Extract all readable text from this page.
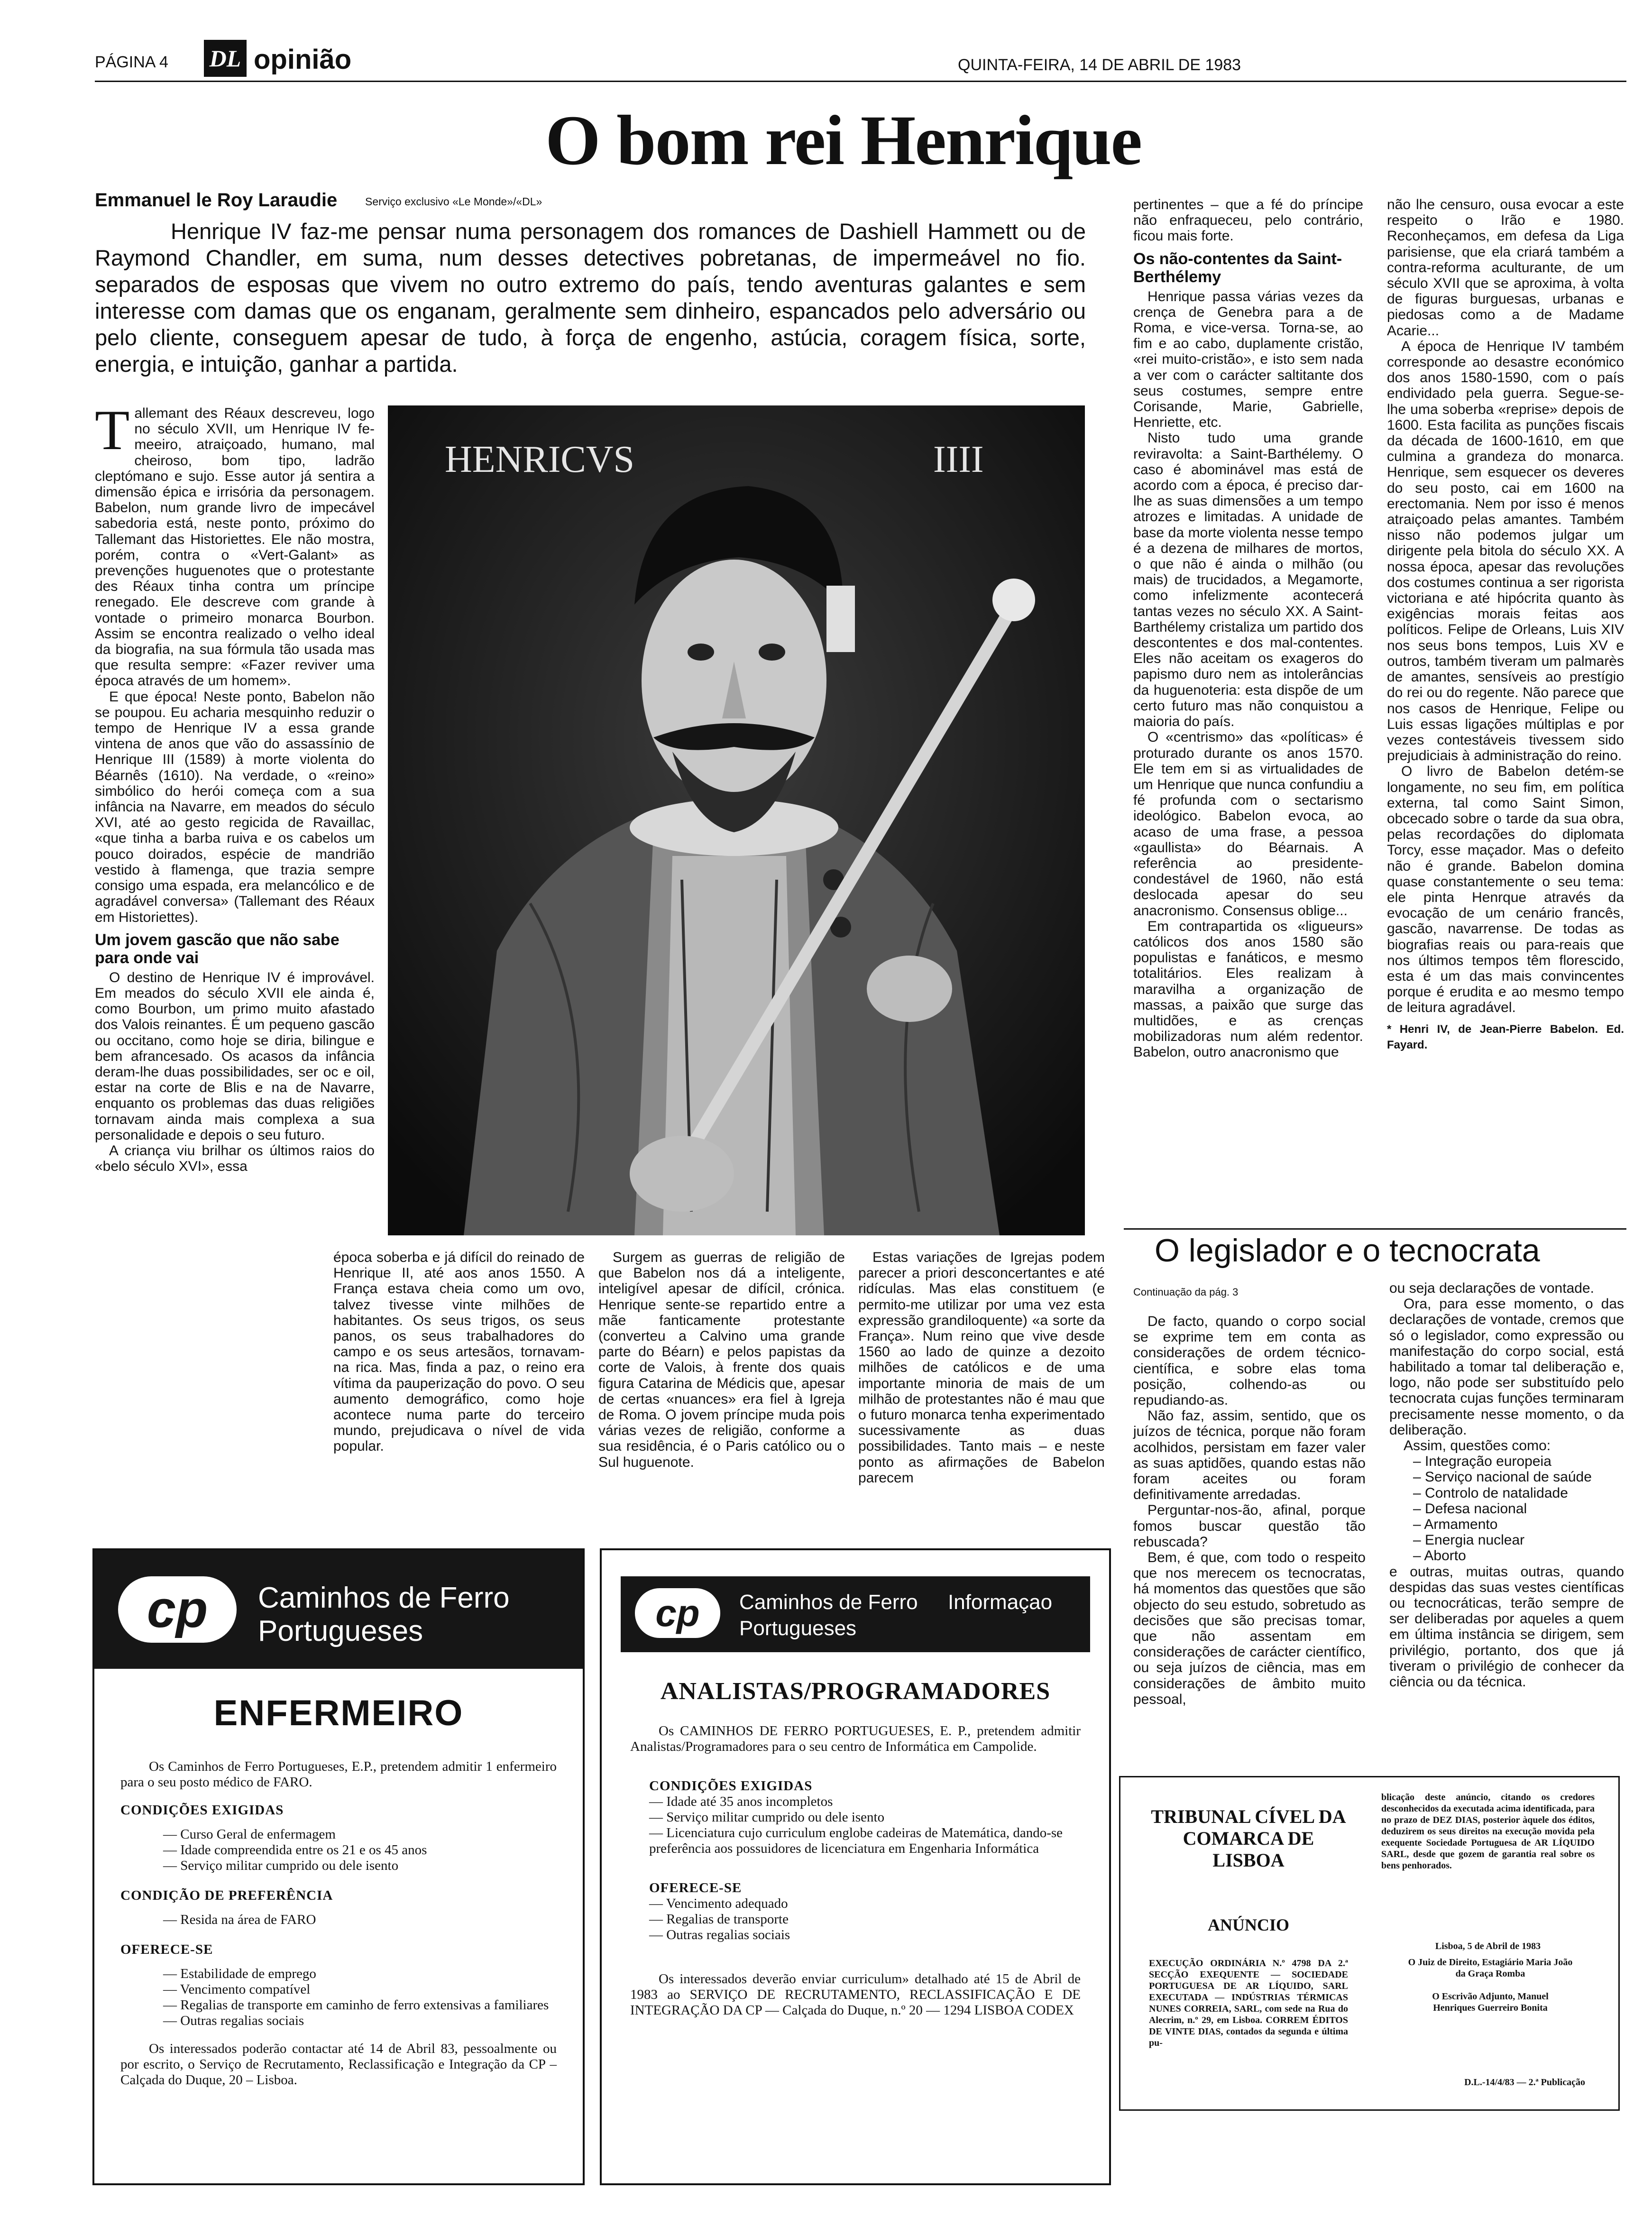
PÁGINA 4 DL opinião	QUINTA-FEIRA, 14 DE ABRIL DE 1983
O bom rei Henrique
Emmanuel le Roy Laraudie	Serviço exclusivo «Le Monde»/«DL»
Henrique IV faz-me pensar numa personagem dos romances de Dashiell Hammett ou de Raymond Chandler, em suma, num desses detectives pobretanas, de impermeável no fio. separados de esposas que vivem no outro extremo do país, tendo aventuras galantes e sem interesse com damas que os enganam, geralmente sem dinheiro, espancados pelo adversário ou pelo cliente, conseguem apesar de tudo, à força de engenho, astúcia, coragem física, sorte, energia, e intuição, ganhar a partida.
T allemant des Réaux descreveu, logo no século XVII, um Henrique IV fe-meeiro, atraiçoado, humano, mal cheiroso, bom tipo, ladrão cleptómano e sujo. Esse autor já sentira a dimensão épica e irrisória da personagem. Babelon, num grande livro de impecável sabedoria está, neste ponto, próximo do Tallemant das Historiettes. Ele não mostra, porém, contra o «Vert-Galant» as prevenções huguenotes que o protestante des Réaux tinha contra um príncipe renegado. Ele descreve com grande à vontade o primeiro monarca Bourbon. Assim se encontra realizado o velho ideal da biografia, na sua fórmula tão usada mas que resulta sempre: «Fazer reviver uma época através de um homem».

E que época! Neste ponto, Babelon não se poupou. Eu acharia mesquinho reduzir o tempo de Henrique IV a essa grande vintena de anos que vão do assassínio de Henrique III (1589) à morte violenta do Béarnês (1610). Na verdade, o «reino» simbólico do herói começa com a sua infância na Navarre, em meados do século XVI, até ao gesto regicida de Ravaillac, «que tinha a barba ruiva e os cabelos um pouco doirados, espécie de mandrião vestido à flamenga, que trazia sempre consigo uma espada, era melancólico e de agradável conversa» (Tallemant des Réaux em Historiettes).

Um jovem gascão que não sabe para onde vai

O destino de Henrique IV é improvável. Em meados do século XVII ele ainda é, como Bourbon, um primo muito afastado dos Valois reinantes. É um pequeno gascão ou occitano, como hoje se diria, bilingue e bem afrancesado. Os acasos da infância deram-lhe duas possibilidades, ser oc e oil, estar na corte de Blis e na de Navarre, enquanto os problemas das duas religiões tornavam ainda mais complexa a sua personalidade e depois o seu futuro.

A criança viu brilhar os últimos raios do «belo século XVI», essa

HENRICVS	IIII

época soberba e já difícil do reinado de Henrique II, até aos anos 1550. A França estava cheia como um ovo, talvez tivesse vinte milhões de habitantes. Os seus trigos, os seus panos, os seus trabalhadores do campo e os seus artesãos, tornavam-na rica. Mas, finda a paz, o reino era vítima da pauperização do povo. O seu aumento demográfico, como hoje acontece numa parte do terceiro mundo, prejudicava o nível de vida popular.

Surgem as guerras de religião de que Babelon nos dá a inteligente, inteligível apesar de difícil, crónica. Henrique sente-se repartido entre a mãe fanticamente protestante (converteu a Calvino uma grande parte do Béarn) e pelos papistas da corte de Valois, à frente dos quais figura Catarina de Médicis que, apesar de certas «nuances» era fiel à Igreja de Roma. O jovem príncipe muda pois várias vezes de religião, conforme a sua residência, é o Paris católico ou o Sul huguenote.

Estas variações de Igrejas podem parecer a priori desconcertantes e até ridículas. Mas elas constituem (e permito-me utilizar por uma vez esta expressão grandiloquente) «a sorte da França». Num reino que vive desde 1560 ao lado de quinze a dezoito milhões de católicos e de uma importante minoria de mais de um milhão de protestantes não é mau que o futuro monarca tenha experimentado sucessivamente as duas possibilidades. Tanto mais – e neste ponto as afirmações de Babelon parecem

pertinentes – que a fé do príncipe não enfraqueceu, pelo contrário, ficou mais forte.

Os não-contentes da Saint-Berthélemy

Henrique passa várias vezes da crença de Genebra para a de Roma, e vice-versa. Torna-se, ao fim e ao cabo, duplamente cristão, «rei muito-cristão», e isto sem nada a ver com o carácter saltitante dos seus costumes, sempre entre Corisande, Marie, Gabrielle, Henriette, etc.

Nisto tudo uma grande reviravolta: a Saint-Barthélemy. O caso é abominável mas está de acordo com a época, é preciso dar-lhe as suas dimensões a um tempo atrozes e limitadas. A unidade de base da morte violenta nesse tempo é a dezena de milhares de mortos, o que não é ainda o milhão (ou mais) de trucidados, a Megamorte, como infelizmente acontecerá tantas vezes no século XX. A Saint-Barthélemy cristaliza um partido dos descontentes e dos mal-contentes. Eles não aceitam os exageros do papismo duro nem as intolerâncias da huguenoteria: esta dispõe de um certo futuro mas não conquistou a maioria do país.

O «centrismo» das «políticas» é proturado durante os anos 1570. Ele tem em si as virtualidades de um Henrique que nunca confundiu a fé profunda com o sectarismo ideológico. Babelon evoca, ao acaso de uma frase, a pessoa «gaullista» do Béarnais. A referência ao presidente-condestável de 1960, não está deslocada apesar do seu anacronismo. Consensus oblige...

Em contrapartida os «ligueurs» católicos dos anos 1580 são populistas e fanáticos, e mesmo totalitários. Eles realizam à maravilha a organização de massas, a paixão que surge das multidões, e as crenças mobilizadoras num além redentor. Babelon, outro anacronismo que

não lhe censuro, ousa evocar a este respeito o Irão e 1980. Reconheçamos, em defesa da Liga parisiense, que ela criará também a contra-reforma aculturante, de um século XVII que se aproxima, à volta de figuras burguesas, urbanas e piedosas como a de Madame Acarie...

A época de Henrique IV também corresponde ao desastre económico dos anos 1580-1590, com o país endividado pela guerra. Segue-se-lhe uma soberba «reprise» depois de 1600. Esta facilita as punções fiscais da década de 1600-1610, em que culmina a grandeza do monarca. Henrique, sem esquecer os deveres do seu posto, cai em 1600 na erectomania. Nem por isso é menos atraiçoado pelas amantes. Também nisso não podemos julgar um dirigente pela bitola do século XX. A nossa época, apesar das revoluções dos costumes continua a ser rigorista victoriana e até hipócrita quanto às exigências morais feitas aos políticos. Felipe de Orleans, Luis XIV nos seus bons tempos, Luis XV e outros, também tiveram um palmarès de amantes, sensíveis ao prestígio do rei ou do regente. Não parece que nos casos de Henrique, Felipe ou Luis essas ligações múltiplas e por vezes contestáveis tivessem sido prejudiciais à administração do reino.

O livro de Babelon detém-se longamente, no seu fim, em política externa, tal como Saint Simon, obcecado sobre o tarde da sua obra, pelas recordações do diplomata Torcy, esse maçador. Mas o defeito não é grande. Babelon domina quase constantemente o seu tema: ele pinta Henrque através da evocação de um cenário francês, gascão, navarrense. De todas as biografias reais ou para-reais que nos últimos tempos têm florescido, esta é um das mais convincentes porque é erudita e ao mesmo tempo de leitura agradável.

* Henri IV, de Jean-Pierre Babelon. Ed. Fayard.

O legislador e o tecnocrata
Continuação da pág. 3

De facto, quando o corpo social se exprime tem em conta as considerações de ordem técnico-científica, e sobre elas toma posição, colhendo-as ou repudiando-as.

Não faz, assim, sentido, que os juízos de técnica, porque não foram acolhidos, persistam em fazer valer as suas aptidões, quando estas não foram aceites ou foram definitivamente arredadas.

Perguntar-nos-ão, afinal, porque fomos buscar questão tão rebuscada?

Bem, é que, com todo o respeito que nos merecem os tecnocratas, há momentos das questões que são objecto do seu estudo, sobretudo as decisões que são precisas tomar, que não assentam em considerações de carácter científico, ou seja juízos de ciência, mas em considerações de âmbito muito pessoal,

ou seja declarações de vontade.

Ora, para esse momento, o das declarações de vontade, cremos que só o legislador, como expressão ou manifestação do corpo social, está habilitado a tomar tal deliberação e, logo, não pode ser substituído pelo tecnocrata cujas funções terminaram precisamente nesse momento, o da deliberação.

Assim, questões como:

– Integração europeia
– Serviço nacional de saúde
– Controlo de natalidade
– Defesa nacional
– Armamento
– Energia nuclear
– Aborto

e outras, muitas outras, quando despidas das suas vestes científicas ou tecnocráticas, terão sempre de ser deliberadas por aqueles a quem em última instância se dirigem, sem privilégio, portanto, dos que já tiveram o privilégio de conhecer da ciência ou da técnica.

cp Caminhos de Ferro
Portugueses
ENFERMEIRO
Os Caminhos de Ferro Portugueses, E.P., pretendem admitir 1 enfermeiro para o seu posto médico de FARO.
CONDIÇÕES EXIGIDAS
— Curso Geral de enfermagem
— Idade compreendida entre os 21 e os 45 anos
— Serviço militar cumprido ou dele isento
CONDIÇÃO DE PREFERÊNCIA
— Resida na área de FARO
OFERECE-SE
— Estabilidade de emprego
— Vencimento compatível
— Regalias de transporte em caminho de ferro extensivas a familiares
— Outras regalias sociais
Os interessados poderão contactar até 14 de Abril 83, pessoalmente ou por escrito, o Serviço de Recrutamento, Reclassificação e Integração da CP – Calçada do Duque, 20 – Lisboa.
cp Caminhos de Ferro
Portugueses
Informaçao
ANALISTAS/PROGRAMADORES
Os CAMINHOS DE FERRO PORTUGUESES, E. P., pretendem admitir Analistas/Programadores para o seu centro de Informática em Campolide.
CONDIÇÕES EXIGIDAS
— Idade até 35 anos incompletos
— Serviço militar cumprido ou dele isento
— Licenciatura cujo curriculum englobe cadeiras de Matemática, dando-se preferência aos possuidores de licenciatura em Engenharia Informática
OFERECE-SE
— Vencimento adequado
— Regalias de transporte
— Outras regalias sociais
Os interessados deverão enviar curriculum» detalhado até 15 de Abril de 1983 ao SERVIÇO DE RECRUTAMENTO, RECLASSIFICAÇÃO E DE INTEGRAÇÃO DA CP — Calçada do Duque, n.º 20 — 1294 LISBOA CODEX
TRIBUNAL CÍVEL DA COMARCA DE LISBOA
ANÚNCIO
EXECUÇÃO ORDINÁRIA N.º 4798 DA 2.ª SECÇÃO EXEQUENTE — SOCIEDADE PORTUGUESA DE AR LÍQUIDO, SARL EXECUTADA — INDÚSTRIAS TÉRMICAS NUNES CORREIA, SARL, com sede na Rua do Alecrim, n.º 29, em Lisboa. CORREM ÉDITOS DE VINTE DIAS, contados da segunda e última pu-
blicação deste anúncio, citando os credores desconhecidos da executada acima identificada, para no prazo de DEZ DIAS, posterior àquele dos éditos, deduzirem os seus direitos na execução movida pela exequente Sociedade Portuguesa de AR LÍQUIDO SARL, desde que gozem de garantia real sobre os bens penhorados.
Lisboa, 5 de Abril de 1983
O Juiz de Direito, Estagiário Maria João da Graça Romba
O Escrivão Adjunto, Manuel Henriques Guerreiro Bonita
D.L.-14/4/83 — 2.ª Publicação
